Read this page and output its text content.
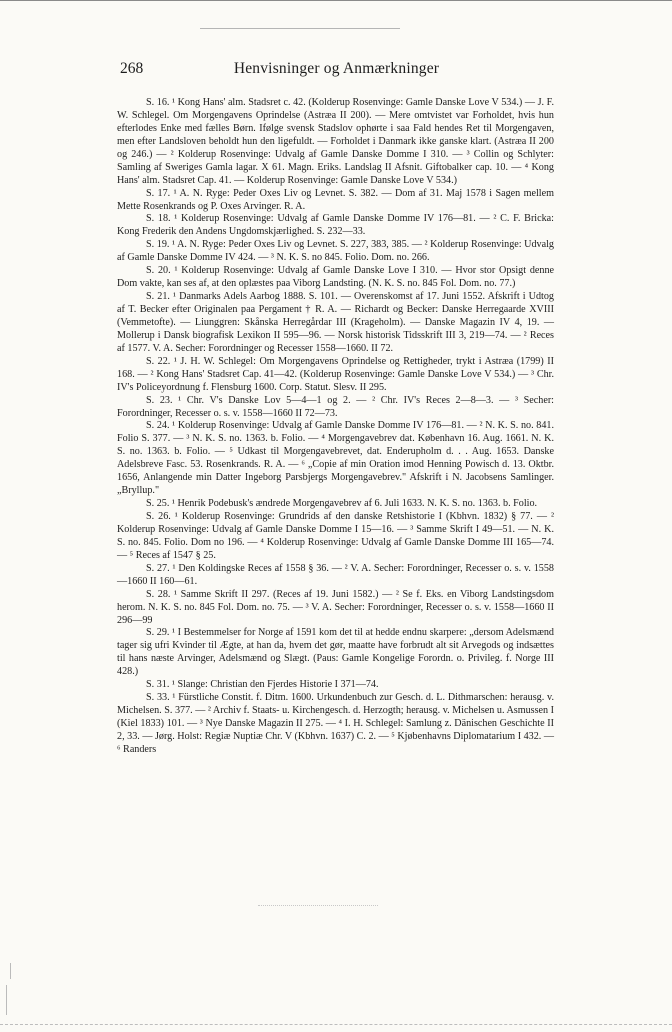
268	Henvisninger og Anmærkninger

S. 16. ¹ Kong Hans' alm. Stadsret c. 42. (Kolderup Rosenvinge: Gamle Danske Love V 534.) — J. F. W. Schlegel. Om Morgengavens Oprindelse (Astræa II 200). — Mere omtvistet var Forholdet, hvis hun efterlodes Enke med fælles Børn. Ifølge svensk Stadslov ophørte i saa Fald hendes Ret til Morgengaven, men efter Landsloven beholdt hun den ligefuldt. — Forholdet i Danmark ikke ganske klart. (Astræa II 200 og 246.) — ² Kolderup Rosenvinge: Udvalg af Gamle Danske Domme I 310. — ³ Collin og Schlyter: Samling af Sweriges Gamla lagar. X 61. Magn. Eriks. Landslag II Afsnit. Giftobalker cap. 10. — ⁴ Kong Hans' alm. Stadsret Cap. 41. — Kolderup Rosenvinge: Gamle Danske Love V 534.)

S. 17. ¹ A. N. Ryge: Peder Oxes Liv og Levnet. S. 382. — Dom af 31. Maj 1578 i Sagen mellem Mette Rosenkrands og P. Oxes Arvinger. R. A.

S. 18. ¹ Kolderup Rosenvinge: Udvalg af Gamle Danske Domme IV 176—81. — ² C. F. Bricka: Kong Frederik den Andens Ungdomskjærlighed. S. 232—33.

S. 19. ¹ A. N. Ryge: Peder Oxes Liv og Levnet. S. 227, 383, 385. — ² Kolderup Rosenvinge: Udvalg af Gamle Danske Domme IV 424. — ³ N. K. S. no 845. Folio. Dom. no. 266.

S. 20. ¹ Kolderup Rosenvinge: Udvalg af Gamle Danske Love I 310. — Hvor stor Opsigt denne Dom vakte, kan ses af, at den oplæstes paa Viborg Landsting. (N. K. S. no. 845 Fol. Dom. no. 77.)

S. 21. ¹ Danmarks Adels Aarbog 1888. S. 101. — Overenskomst af 17. Juni 1552. Afskrift i Udtog af T. Becker efter Originalen paa Pergament † R. A. — Richardt og Becker: Danske Herregaarde XVIII (Vemmetofte). — Liunggren: Skånska Herregårdar III (Krageholm). — Danske Magazin IV 4, 19. — Mollerup i Dansk biografisk Lexikon II 595—96. — Norsk historisk Tidsskrift III 3, 219—74. — ² Reces af 1577. V. A. Secher: Forordninger og Recesser 1558—1660. II 72.

S. 22. ¹ J. H. W. Schlegel: Om Morgengavens Oprindelse og Rettigheder, trykt i Astræa (1799) II 168. — ² Kong Hans' Stadsret Cap. 41—42. (Kolderup Rosenvinge: Gamle Danske Love V 534.) — ³ Chr. IV's Policeyordnung f. Flensburg 1600. Corp. Statut. Slesv. II 295.

S. 23. ¹ Chr. V's Danske Lov 5—4—1 og 2. — ² Chr. IV's Reces 2—8—3. — ³ Secher: Forordninger, Recesser o. s. v. 1558—1660 II 72—73.

S. 24. ¹ Kolderup Rosenvinge: Udvalg af Gamle Danske Domme IV 176—81. — ² N. K. S. no. 841. Folio S. 377. — ³ N. K. S. no. 1363. b. Folio. — ⁴ Morgengavebrev dat. København 16. Aug. 1661. N. K. S. no. 1363. b. Folio. — ⁵ Udkast til Morgengavebrevet, dat. Enderupholm d. . . Aug. 1653. Danske Adelsbreve Fasc. 53. Rosenkrands. R. A. — ⁶ „Copie af min Oration imod Henning Powisch d. 13. Oktbr. 1656, Anlangende min Datter Ingeborg Parsbjergs Morgengavebrev." Afskrift i N. Jacobsens Samlinger. „Bryllup."

S. 25. ¹ Henrik Podebusk's ændrede Morgengavebrev af 6. Juli 1633. N. K. S. no. 1363. b. Folio.

S. 26. ¹ Kolderup Rosenvinge: Grundrids af den danske Retshistorie I (Kbhvn. 1832) § 77. — ² Kolderup Rosenvinge: Udvalg af Gamle Danske Domme I 15—16. — ³ Samme Skrift I 49—51. — N. K. S. no. 845. Folio. Dom no 196. — ⁴ Kolderup Rosenvinge: Udvalg af Gamle Danske Domme III 165—74. — ⁵ Reces af 1547 § 25.

S. 27. ¹ Den Koldingske Reces af 1558 § 36. — ² V. A. Secher: Forordninger, Recesser o. s. v. 1558—1660 II 160—61.

S. 28. ¹ Samme Skrift II 297. (Reces af 19. Juni 1582.) — ² Se f. Eks. en Viborg Landstingsdom herom. N. K. S. no. 845 Fol. Dom. no. 75. — ³ V. A. Secher: Forordninger, Recesser o. s. v. 1558—1660 II 296—99

S. 29. ¹ I Bestemmelser for Norge af 1591 kom det til at hedde endnu skarpere: „dersom Adelsmænd tager sig ufri Kvinder til Ægte, at han da, hvem det gør, maatte have forbrudt alt sit Arvegods og indsættes til hans næste Arvinger, Adelsmænd og Slægt. (Paus: Gamle Kongelige Forordn. o. Privileg. f. Norge III 428.)

S. 31. ¹ Slange: Christian den Fjerdes Historie I 371—74.

S. 33. ¹ Fürstliche Constit. f. Ditm. 1600. Urkundenbuch zur Gesch. d. L. Dithmarschen: herausg. v. Michelsen. S. 377. — ² Archiv f. Staats- u. Kirchengesch. d. Herzogth; herausg. v. Michelsen u. Asmussen I (Kiel 1833) 101. — ³ Nye Danske Magazin II 275. — ⁴ I. H. Schlegel: Samlung z. Dänischen Geschichte II 2, 33. — Jørg. Holst: Regiæ Nuptiæ Chr. V (Kbhvn. 1637) C. 2. — ⁵ Kjøbenhavns Diplomatarium I 432. — ⁶ Randers
